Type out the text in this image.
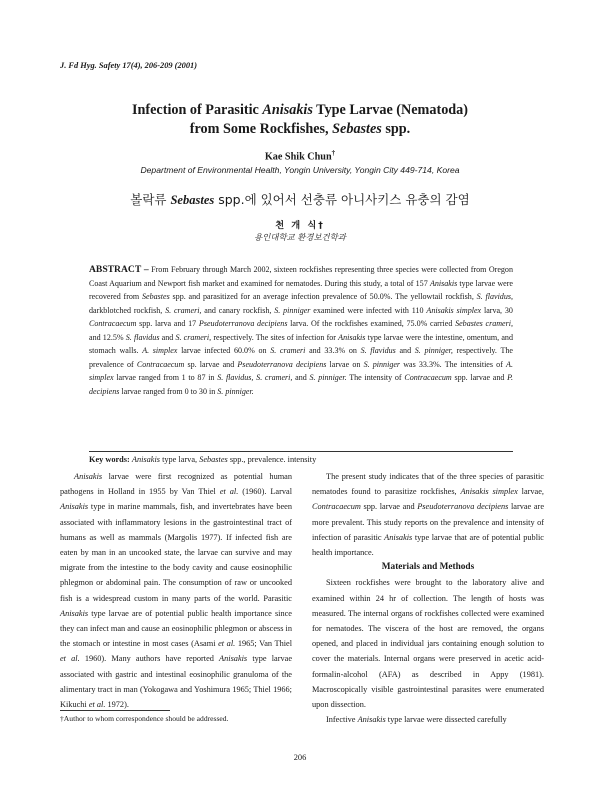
J. Fd Hyg. Safety 17(4), 206-209 (2001)
Infection of Parasitic Anisakis Type Larvae (Nematoda)
from Some Rockfishes, Sebastes spp.
Kae Shik Chun†
Department of Environmental Health, Yongin University, Yongin City 449-714, Korea
볼락류 Sebastes spp.에 있어서 선충류 아니사키스 유충의 감염
천 개 식†
용인대학교 환경보건학과
ABSTRACT – From February through March 2002, sixteen rockfishes representing three species were collected from Oregon Coast Aquarium and Newport fish market and examined for nematodes. During this study, a total of 157 Anisakis type larvae were recovered from Sebastes spp. and parasitized for an average infection prevalence of 50.0%. The yellowtail rockfish, S. flavidus, darkblotched rockfish, S. crameri, and canary rockfish, S. pinniger examined were infected with 110 Anisakis simplex larva, 30 Contracaecum spp. larva and 17 Pseudoterranova decipiens larva. Of the rockfishes examined, 75.0% carried Sebastes crameri, and 12.5% S. flavidus and S. crameri, respectively. The sites of infection for Anisakis type larvae were the intestine, omentum, and stomach walls. A. simplex larvae infected 60.0% on S. crameri and 33.3% on S. flavidus and S. pinniger, respectively. The prevalence of Contracaecum sp. larvae and Pseudoterranova decipiens larvae on S. pinniger was 33.3%. The intensities of A. simplex larvae ranged from 1 to 87 in S. flavidus, S. crameri, and S. pinniger. The intensity of Contracaecum spp. larvae and P. decipiens larvae ranged from 0 to 30 in S. pinniger.
Key words: Anisakis type larva, Sebastes spp., prevalence. intensity

Anisakis larvae were first recognized as potential human pathogens in Holland in 1955 by Van Thiel et al. (1960). Larval Anisakis type in marine mammals, fish, and invertebrates have been associated with inflammatory lesions in the gastrointestinal tract of humans as well as mammals (Margolis 1977). If infected fish are eaten by man in an uncooked state, the larvae can survive and may migrate from the intestine to the body cavity and cause eosinophilic phlegmon or abdominal pain. The consumption of raw or uncooked fish is a widespread custom in many parts of the world. Parasitic Anisakis type larvae are of potential public health importance since they can infect man and cause an eosinophilic phlegmon or abscess in the stomach or intestine in most cases (Asami et al. 1965; Van Thiel et al. 1960). Many authors have reported Anisakis type larvae associated with gastric and intestinal eosinophilic granuloma of the alimentary tract in man (Yokogawa and Yoshimura 1965; Thiel 1966; Kikuchi et al. 1972).

The present study indicates that of the three species of parasitic nematodes found to parasitize rockfishes, Anisakis simplex larvae, Contracaecum spp. larvae and Pseudoterranova decipiens larvae are more prevalent. This study reports on the prevalence and intensity of infection of parasitic Anisakis type larvae that are of potential public health importance.

Materials and Methods

Sixteen rockfishes were brought to the laboratory alive and examined within 24 hr of collection. The length of hosts was measured. The internal organs of rockfishes collected were examined for nematodes. The viscera of the host are removed, the organs opened, and placed in individual jars containing enough solution to cover the materials. Internal organs were preserved in acetic acid-formalin-alcohol (AFA) as described in Appy (1981). Macroscopically visible gastrointestinal parasites were enumerated upon dissection.

Infective Anisakis type larvae were dissected carefully

†Author to whom correspondence should be addressed.
206
